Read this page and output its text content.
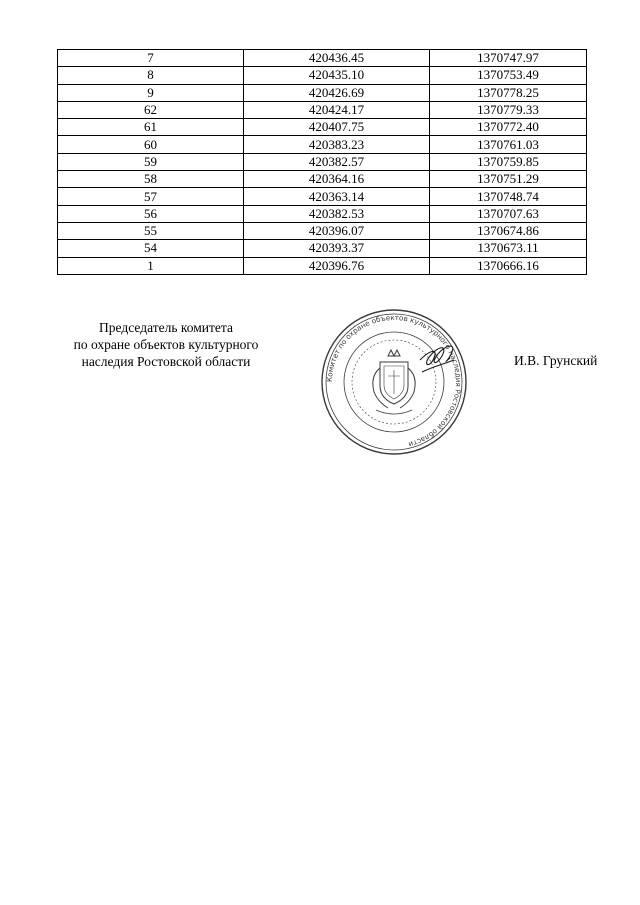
7	420436.45	1370747.97
8	420435.10	1370753.49
9	420426.69	1370778.25
62	420424.17	1370779.33
61	420407.75	1370772.40
60	420383.23	1370761.03
59	420382.57	1370759.85
58	420364.16	1370751.29
57	420363.14	1370748.74
56	420382.53	1370707.63
55	420396.07	1370674.86
54	420393.37	1370673.11
1	420396.76	1370666.16
Председатель комитета
по охране объектов культурного
наследия Ростовской области
Комитет по охране объектов культурного наследия Ростовской области
И.В. Грунский
